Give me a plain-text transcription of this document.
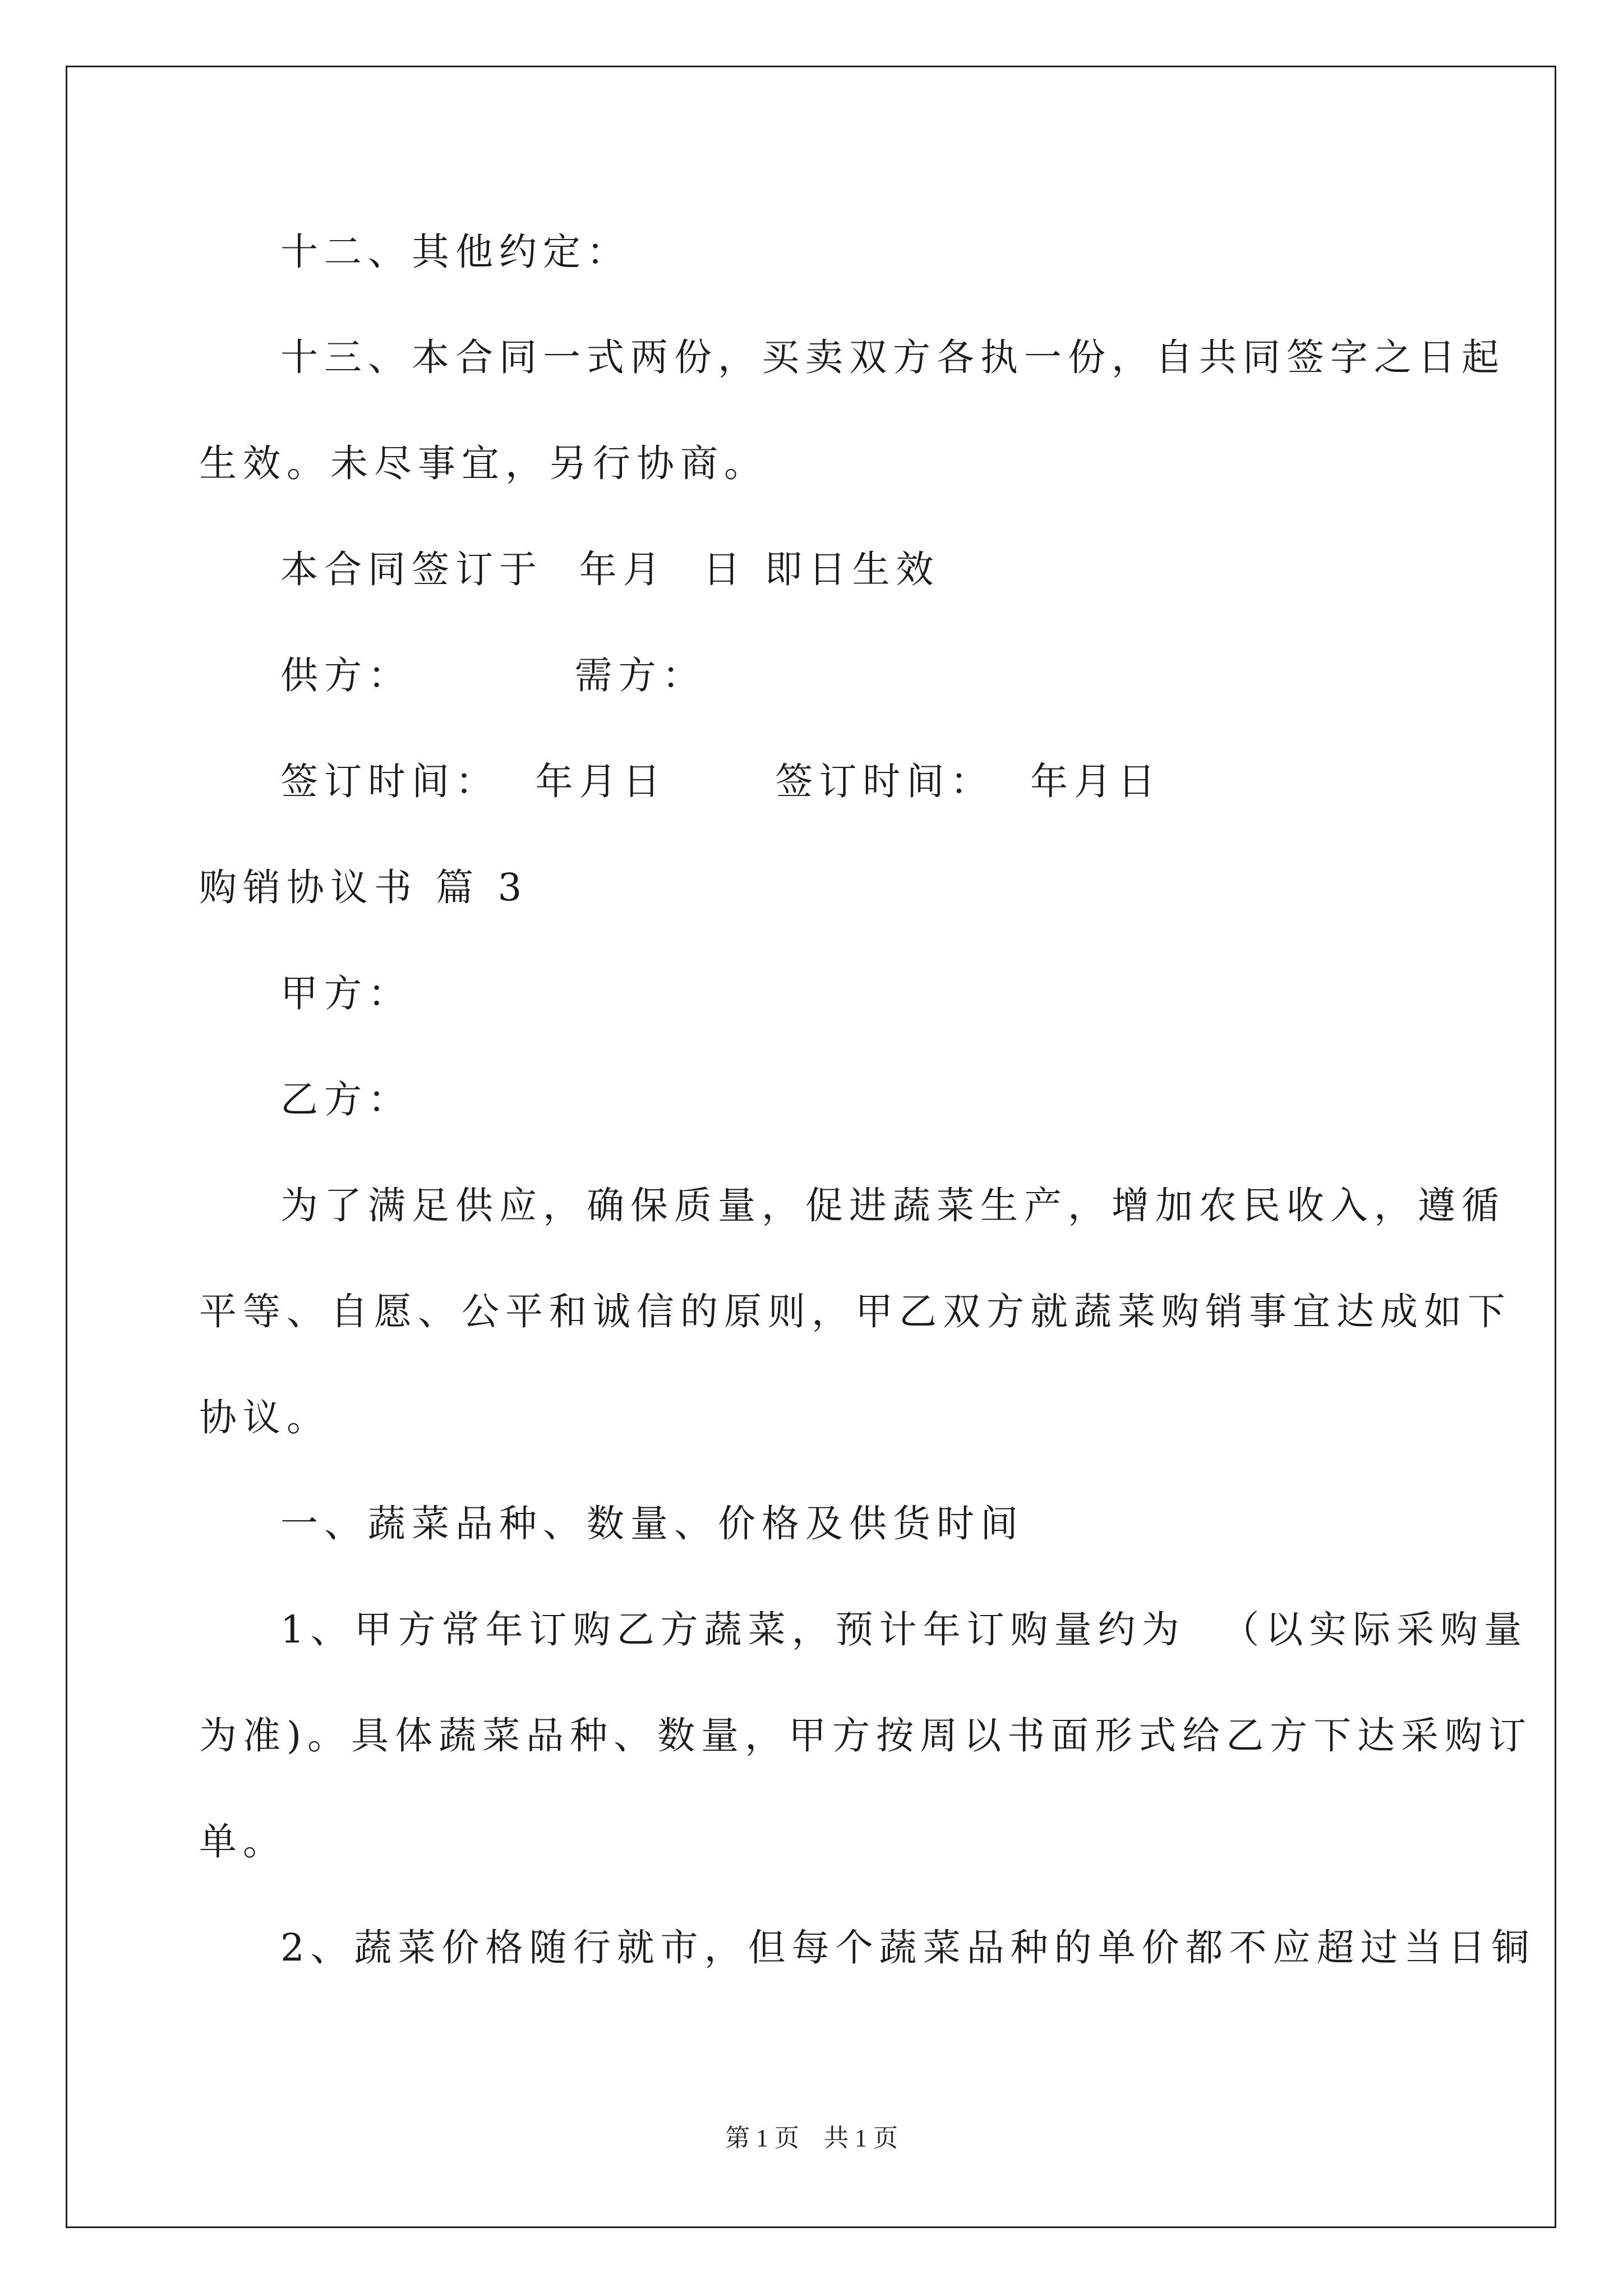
十二、其他约定：

十三、本合同一式两份，买卖双方各执一份，自共同签字之日起

生效。未尽事宜，另行协商。

本合同签订于  年月  日 即日生效

供方：         需方：

签订时间：  年月日      签订时间：  年月日

购销协议书 篇 3

甲方：

乙方：

为了满足供应，确保质量，促进蔬菜生产，增加农民收入，遵循

平等、自愿、公平和诚信的原则，甲乙双方就蔬菜购销事宜达成如下

协议。

一、蔬菜品种、数量、价格及供货时间

1、甲方常年订购乙方蔬菜，预计年订购量约为  （以实际采购量

为准)。具体蔬菜品种、数量，甲方按周以书面形式给乙方下达采购订

单。

2、蔬菜价格随行就市，但每个蔬菜品种的单价都不应超过当日铜

第 1 页    共 1 页
